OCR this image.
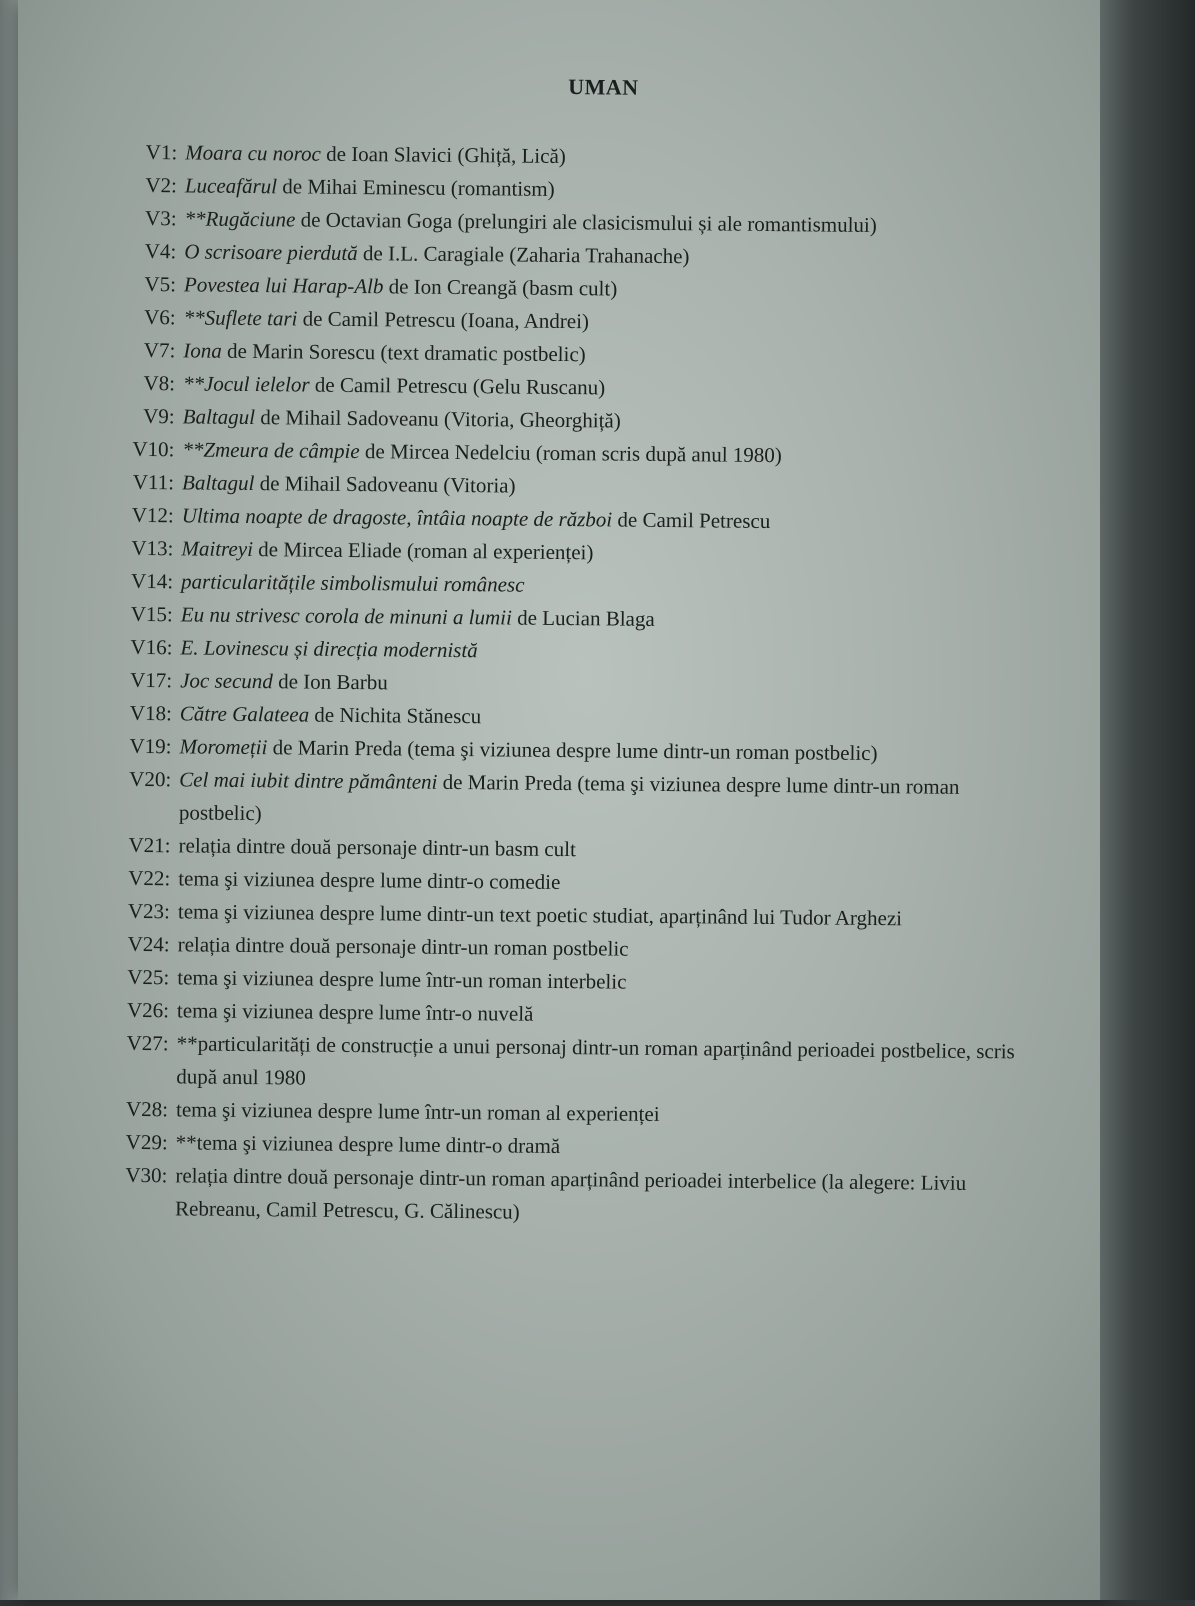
UMAN
V1: Moara cu noroc de Ioan Slavici (Ghiță, Lică)
V2: Luceafărul de Mihai Eminescu (romantism)
V3: **Rugăciune de Octavian Goga (prelungiri ale clasicismului și ale romantismului)
V4: O scrisoare pierdută de I.L. Caragiale (Zaharia Trahanache)
V5: Povestea lui Harap-Alb de Ion Creangă (basm cult)
V6: **Suflete tari de Camil Petrescu (Ioana, Andrei)
V7: Iona de Marin Sorescu (text dramatic postbelic)
V8: **Jocul ielelor de Camil Petrescu (Gelu Ruscanu)
V9: Baltagul de Mihail Sadoveanu (Vitoria, Gheorghiță)
V10: **Zmeura de câmpie de Mircea Nedelciu (roman scris după anul 1980)
V11: Baltagul de Mihail Sadoveanu (Vitoria)
V12: Ultima noapte de dragoste, întâia noapte de război de Camil Petrescu
V13: Maitreyi de Mircea Eliade (roman al experienței)
V14: particularitățile simbolismului românesc
V15: Eu nu strivesc corola de minuni a lumii de Lucian Blaga
V16: E. Lovinescu și direcția modernistă
V17: Joc secund de Ion Barbu
V18: Către Galateea de Nichita Stănescu
V19: Moromeții de Marin Preda (tema şi viziunea despre lume dintr-un roman postbelic)
V20: Cel mai iubit dintre pământeni de Marin Preda (tema şi viziunea despre lume dintr-un roman postbelic)
V21: relația dintre două personaje dintr-un basm cult
V22: tema şi viziunea despre lume dintr-o comedie
V23: tema şi viziunea despre lume dintr-un text poetic studiat, aparținând lui Tudor Arghezi
V24: relația dintre două personaje dintr-un roman postbelic
V25: tema şi viziunea despre lume într-un roman interbelic
V26: tema şi viziunea despre lume într-o nuvelă
V27: **particularități de construcție a unui personaj dintr-un roman aparținând perioadei postbelice, scris după anul 1980
V28: tema şi viziunea despre lume într-un roman al experienței
V29: **tema şi viziunea despre lume dintr-o dramă
V30: relația dintre două personaje dintr-un roman aparținând perioadei interbelice (la alegere: Liviu Rebreanu, Camil Petrescu, G. Călinescu)
